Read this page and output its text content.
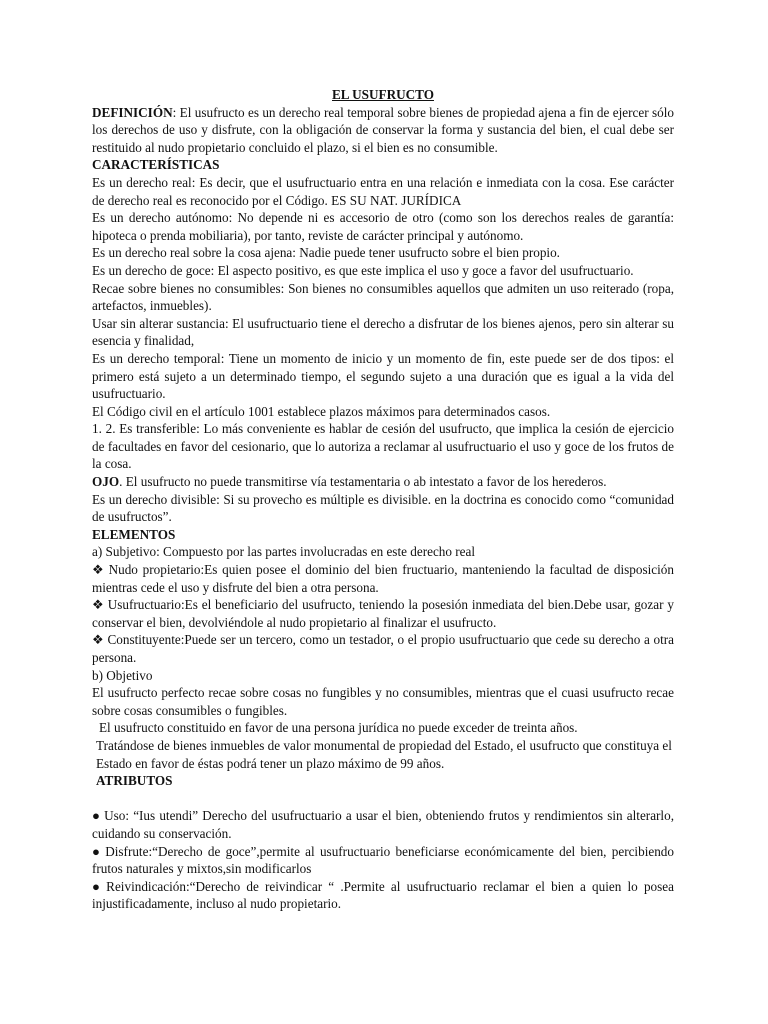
EL USUFRUCTO

DEFINICIÓN: El usufructo es un derecho real temporal sobre bienes de propiedad ajena a fin de ejercer sólo los derechos de uso y disfrute, con la obligación de conservar la forma y sustancia del bien, el cual debe ser restituido al nudo propietario concluido el plazo, si el bien es no consumible.

CARACTERÍSTICAS

Es un derecho real: Es decir, que el usufructuario entra en una relación e inmediata con la cosa. Ese carácter de derecho real es reconocido por el Código. ES SU NAT. JURÍDICA

Es un derecho autónomo: No depende ni es accesorio de otro (como son los derechos reales de garantía: hipoteca o prenda mobiliaria), por tanto, reviste de carácter principal y autónomo.

Es un derecho real sobre la cosa ajena: Nadie puede tener usufructo sobre el bien propio.

Es un derecho de goce: El aspecto positivo, es que este implica el uso y goce a favor del usufructuario.

Recae sobre bienes no consumibles: Son bienes no consumibles aquellos que admiten un uso reiterado (ropa, artefactos, inmuebles).

Usar sin alterar sustancia: El usufructuario tiene el derecho a disfrutar de los bienes ajenos, pero sin alterar su esencia y finalidad,

Es un derecho temporal: Tiene un momento de inicio y un momento de fin, este puede ser de dos tipos: el primero está sujeto a un determinado tiempo, el segundo sujeto a una duración que es igual a la vida del usufructuario.

El Código civil en el artículo 1001 establece plazos máximos para determinados casos.

1. 2. Es transferible: Lo más conveniente es hablar de cesión del usufructo, que implica la cesión de ejercicio de facultades en favor del cesionario, que lo autoriza a reclamar al usufructuario el uso y goce de los frutos de la cosa.

OJO. El usufructo no puede transmitirse vía testamentaria o ab intestato a favor de los herederos.

Es un derecho divisible: Si su provecho es múltiple es divisible. en la doctrina es conocido como “comunidad de usufructos”.

ELEMENTOS

a) Subjetivo: Compuesto por las partes involucradas en este derecho real

❖ Nudo propietario:Es quien posee el dominio del bien fructuario, manteniendo la facultad de disposición mientras cede el uso y disfrute del bien a otra persona.

❖ Usufructuario:Es el beneficiario del usufructo, teniendo la posesión inmediata del bien.Debe usar, gozar y conservar el bien, devolviéndole al nudo propietario al finalizar el usufructo.

❖ Constituyente:Puede ser un tercero, como un testador, o el propio usufructuario que cede su derecho a otra persona.

b) Objetivo

El usufructo perfecto recae sobre cosas no fungibles y no consumibles, mientras que el cuasi usufructo recae sobre cosas consumibles o fungibles.

El usufructo constituido en favor de una persona jurídica no puede exceder de treinta años.

Tratándose de bienes inmuebles de valor monumental de propiedad del Estado, el usufructo que constituya el Estado en favor de éstas podrá tener un plazo máximo de 99 años.

ATRIBUTOS

● Uso: “Ius utendi” Derecho del usufructuario a usar el bien, obteniendo frutos y rendimientos sin alterarlo, cuidando su conservación.

● Disfrute:“Derecho de goce”,permite al usufructuario beneficiarse económicamente del bien, percibiendo frutos naturales y mixtos,sin modificarlos

● Reivindicación:“Derecho de reivindicar “ .Permite al usufructuario reclamar el bien a quien lo posea injustificadamente, incluso al nudo propietario.
